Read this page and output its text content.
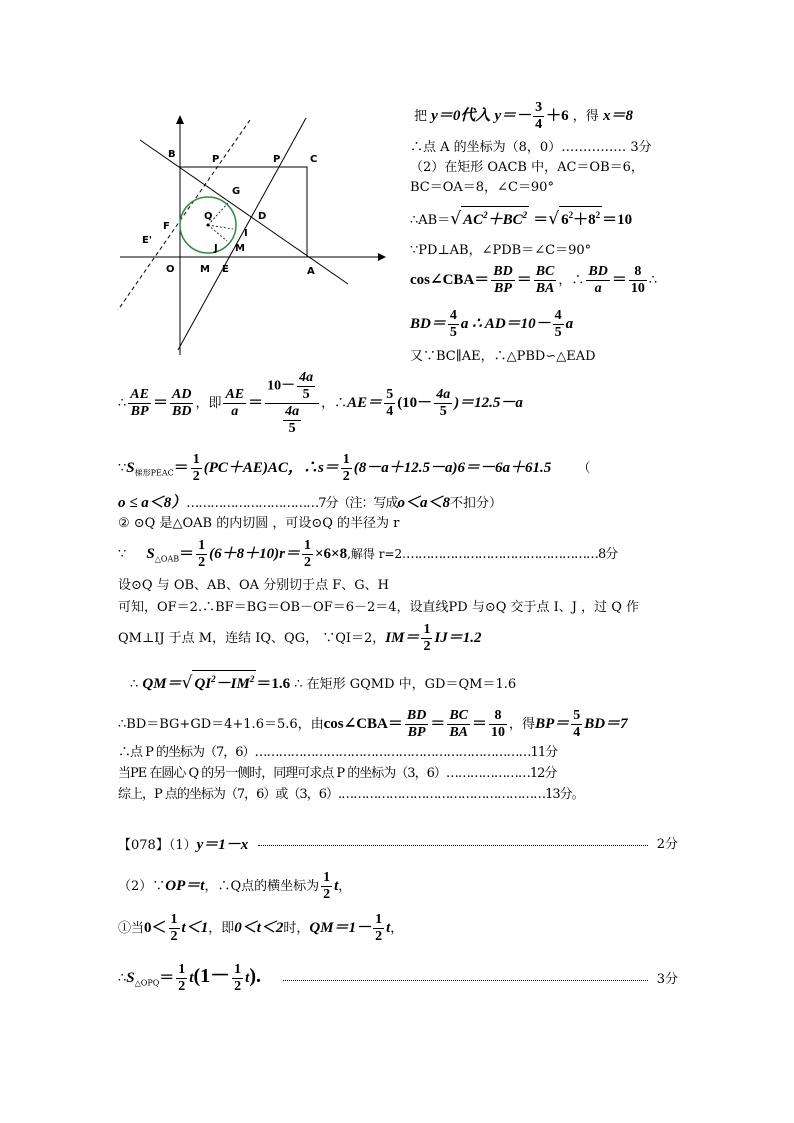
B	P	P	C
G
Q	D
I
F
E'
J M
O	M E	A
把 y＝0代入 $y=- \frac{3}{4} +6$ ，得 x＝8
∴点 A 的坐标为（8，0）…………… 3分
（2）在矩形 OACB 中，AC＝OB＝6，
BC＝OA＝8，∠C＝90°
∴AB＝√ $AC^2+BC^2$ ＝√ $6^2+8^2 =10$
∵PD⊥AB，∠PDB＝∠C＝90°
cos∠CBA＝ $\frac{BD}{BP} = \frac{BC}{BA}$ ，∴ $\frac{BD}{a} = \frac{8}{10}$ ∴
$BD= \frac{4}{5}$ a ∴ $AD=10- \frac{4}{5}$ a
又∵BC∥AE，∴△PBD∽△EAD
∴ $\frac{AE}{BP} = \frac{AD}{BD}$ ，即 $\frac{AE}{a} = \frac{10- \frac{4a}{5}}{\frac{4a}{5}}$ ，∴AE＝ $\frac{5}{4} (10- \frac{4a}{5} )=12.5-a$
$\because S_{梯形PEAC}= \frac{1}{2} (PC+AE)AC$，∴s＝ $\frac{1}{2} (8-a+12.5-a)6=-6a+61.5$ （
o ≤ a＜8）……………………………7分（注：写成o＜a＜8不扣分）
② ⊙Q 是△OAB 的内切圆 ，可设⊙Q 的半径为 r
∵ $S_{\triangle OAB}= \frac{1}{2} (6+8+10)r= \frac{1}{2} \times 6\times 8$,解得 r=2.…………………………………………8分
设⊙Q 与 OB、AB、OA 分别切于点 F、G、H
可知，OF＝2.∴BF＝BG＝OB－OF＝6－2＝4，设直线PD 与⊙Q 交于点 I、J ，过 Q 作
QM⊥IJ 于点 M，连结 IQ、QG， ∵QI＝2，$IM= \frac{1}{2} IJ=1.2$
∴ QM＝√ $QI^2-IM^2 =1.6$ ∴ 在矩形 GQMD 中，GD＝QM＝1.6
∴BD＝BG+GD＝4+1.6＝5.6，由cos∠CBA＝ $\frac{BD}{BP} = \frac{BC}{BA} = \frac{8}{10}$ ，得$BP= \frac{5}{4} BD=7$
∴点 P 的坐标为（7，6）……………………………………………………………11分
当PE 在圆心 Q 的另一侧时，同理可求点 P 的坐标为（3，6）…………………12分
综上，P 点的坐标为（7，6）或（3，6）.……………………………………………13分。
【078】（1）y＝1－x	2分
（2）∵OP＝t，∴Q点的横坐标为 $\frac{1}{2}$ t，
①当$0< \frac{1}{2} t<1$，即0＜t＜2时，$QM=1- \frac{1}{2}$ t，
$\therefore S_{\triangle OPQ}= \frac{1}{2} t(1- \frac{1}{2} t)$.	3分
